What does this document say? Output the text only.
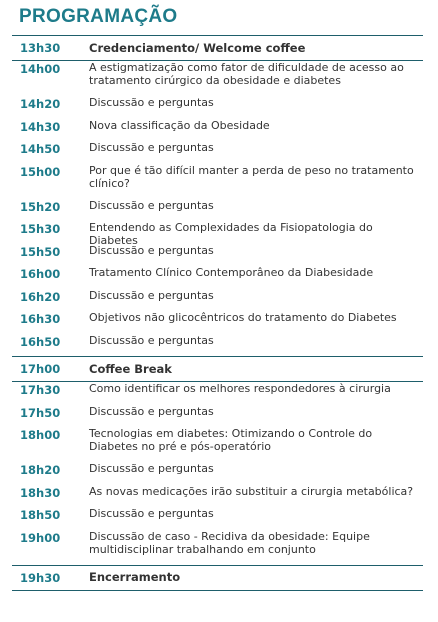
PROGRAMAÇÃO
13h30	Credenciamento/ Welcome coffee
14h00	A estigmatização como fator de dificuldade de acesso ao tratamento cirúrgico da obesidade e diabetes
14h20	Discussão e perguntas
14h30	Nova classificação da Obesidade
14h50	Discussão e perguntas
15h00	Por que é tão difícil manter a perda de peso no tratamento clínico?
15h20	Discussão e perguntas
15h30	Entendendo as Complexidades da Fisiopatologia do Diabetes
15h50	Discussão e perguntas
16h00	Tratamento Clínico Contemporâneo da Diabesidade
16h20	Discussão e perguntas
16h30	Objetivos não glicocêntricos do tratamento do Diabetes
16h50	Discussão e perguntas
17h00	Coffee Break
17h30	Como identificar os melhores respondedores à cirurgia
17h50	Discussão e perguntas
18h00	Tecnologias em diabetes: Otimizando o Controle do Diabetes no pré e pós-operatório
18h20	Discussão e perguntas
18h30	As novas medicações irão substituir a cirurgia metabólica?
18h50	Discussão e perguntas
19h00	Discussão de caso - Recidiva da obesidade: Equipe multidisciplinar trabalhando em conjunto
19h30	Encerramento
